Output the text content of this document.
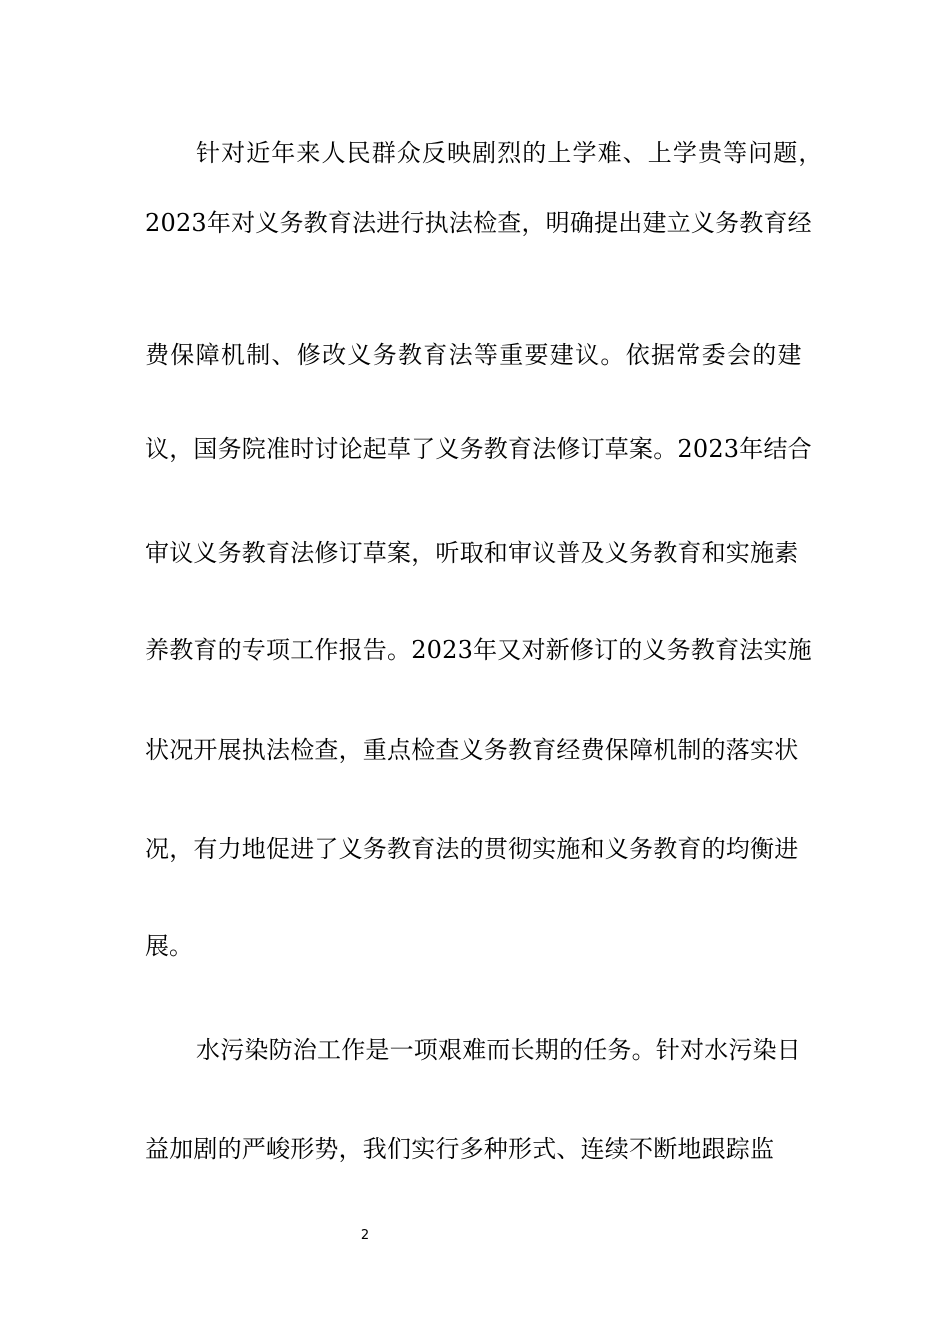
针对近年来人民群众反映剧烈的上学难、上学贵等问题，
2023年对义务教育法进行执法检查，明确提出建立义务教育经
费保障机制、修改义务教育法等重要建议。依据常委会的建
议，国务院准时讨论起草了义务教育法修订草案。2023年结合
审议义务教育法修订草案，听取和审议普及义务教育和实施素
养教育的专项工作报告。2023年又对新修订的义务教育法实施
状况开展执法检查，重点检查义务教育经费保障机制的落实状
况，有力地促进了义务教育法的贯彻实施和义务教育的均衡进
展。
水污染防治工作是一项艰难而长期的任务。针对水污染日
益加剧的严峻形势，我们实行多种形式、连续不断地跟踪监
2
